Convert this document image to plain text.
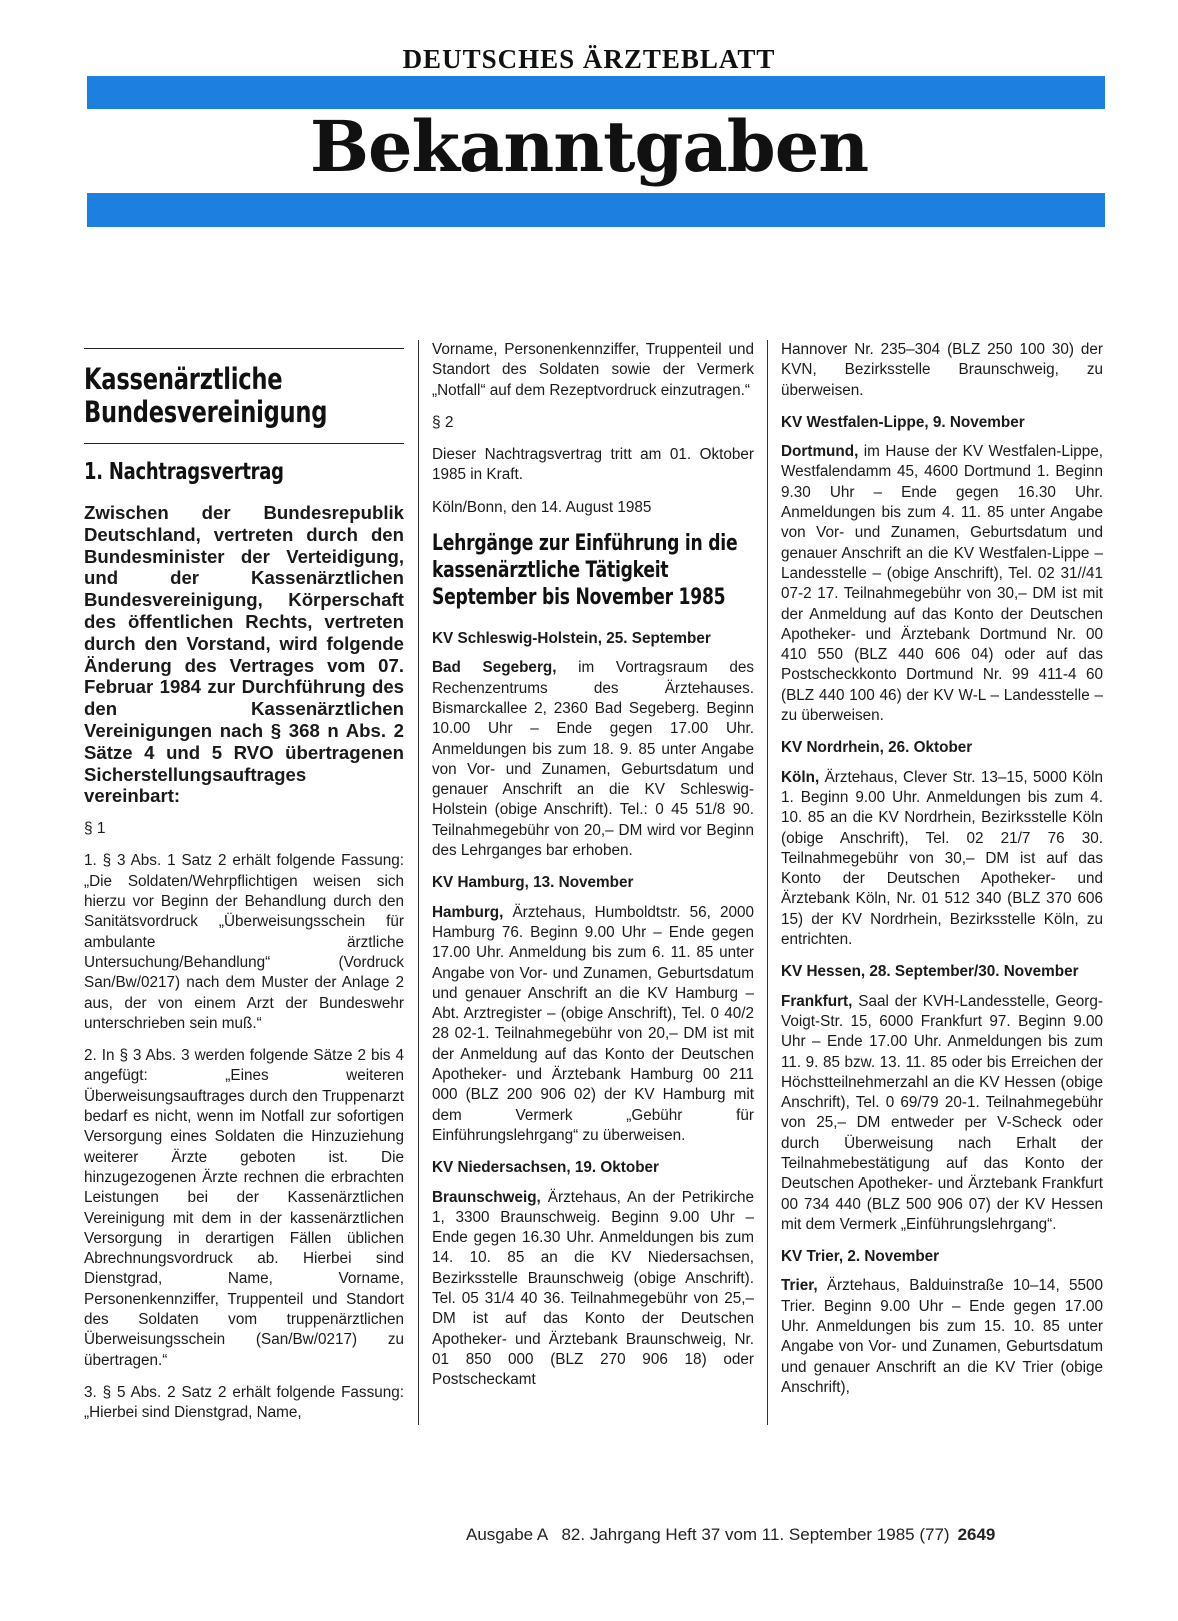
DEUTSCHES ÄRZTEBLATT
Bekanntgaben
Kassenärztliche Bundesvereinigung
1. Nachtragsvertrag

Zwischen der Bundesrepublik Deutschland, vertreten durch den Bundesminister der Verteidigung, und der Kassenärztlichen Bundesvereinigung, Körperschaft des öffentlichen Rechts, vertreten durch den Vorstand, wird folgende Änderung des Vertrages vom 07. Februar 1984 zur Durchführung des den Kassenärztlichen Vereinigungen nach § 368 n Abs. 2 Sätze 4 und 5 RVO übertragenen Sicherstellungsauftrages vereinbart:

§ 1

1. § 3 Abs. 1 Satz 2 erhält folgende Fassung: „Die Soldaten/Wehrpflichtigen weisen sich hierzu vor Beginn der Behandlung durch den Sanitätsvordruck „Überweisungsschein für ambulante ärztliche Untersuchung/Behandlung“ (Vordruck San/Bw/0217) nach dem Muster der Anlage 2 aus, der von einem Arzt der Bundeswehr unterschrieben sein muß.“

2. In § 3 Abs. 3 werden folgende Sätze 2 bis 4 angefügt: „Eines weiteren Überweisungsauftrages durch den Truppenarzt bedarf es nicht, wenn im Notfall zur sofortigen Versorgung eines Soldaten die Hinzuziehung weiterer Ärzte geboten ist. Die hinzugezogenen Ärzte rechnen die erbrachten Leistungen bei der Kassenärztlichen Vereinigung mit dem in der kassenärztlichen Versorgung in derartigen Fällen üblichen Abrechnungsvordruck ab. Hierbei sind Dienstgrad, Name, Vorname, Personenkennziffer, Truppenteil und Standort des Soldaten vom truppenärztlichen Überweisungsschein (San/Bw/0217) zu übertragen.“

3. § 5 Abs. 2 Satz 2 erhält folgende Fassung: „Hierbei sind Dienstgrad, Name,

Vorname, Personenkennziffer, Truppenteil und Standort des Soldaten sowie der Vermerk „Notfall“ auf dem Rezeptvordruck einzutragen.“

§ 2

Dieser Nachtragsvertrag tritt am 01. Oktober 1985 in Kraft.

Köln/Bonn, den 14. August 1985

Lehrgänge zur Einführung in die kassenärztliche Tätigkeit September bis November 1985
KV Schleswig-Holstein, 25. September

Bad Segeberg, im Vortragsraum des Rechenzentrums des Ärztehauses. Bismarckallee 2, 2360 Bad Segeberg. Beginn 10.00 Uhr – Ende gegen 17.00 Uhr. Anmeldungen bis zum 18. 9. 85 unter Angabe von Vor- und Zunamen, Geburtsdatum und genauer Anschrift an die KV Schleswig-Holstein (obige Anschrift). Tel.: 0 45 51/8 90. Teilnahmegebühr von 20,– DM wird vor Beginn des Lehrganges bar erhoben.

KV Hamburg, 13. November

Hamburg, Ärztehaus, Humboldtstr. 56, 2000 Hamburg 76. Beginn 9.00 Uhr – Ende gegen 17.00 Uhr. Anmeldung bis zum 6. 11. 85 unter Angabe von Vor- und Zunamen, Geburtsdatum und genauer Anschrift an die KV Hamburg – Abt. Arztregister – (obige Anschrift), Tel. 0 40/2 28 02-1. Teilnahmegebühr von 20,– DM ist mit der Anmeldung auf das Konto der Deutschen Apotheker- und Ärztebank Hamburg 00 211 000 (BLZ 200 906 02) der KV Hamburg mit dem Vermerk „Gebühr für Einführungslehrgang“ zu überweisen.

KV Niedersachsen, 19. Oktober

Braunschweig, Ärztehaus, An der Petrikirche 1, 3300 Braunschweig. Beginn 9.00 Uhr – Ende gegen 16.30 Uhr. Anmeldungen bis zum 14. 10. 85 an die KV Niedersachsen, Bezirksstelle Braunschweig (obige Anschrift). Tel. 05 31/4 40 36. Teilnahmegebühr von 25,– DM ist auf das Konto der Deutschen Apotheker- und Ärztebank Braunschweig, Nr. 01 850 000 (BLZ 270 906 18) oder Postscheckamt

Hannover Nr. 235–304 (BLZ 250 100 30) der KVN, Bezirksstelle Braunschweig, zu überweisen.

KV Westfalen-Lippe, 9. November

Dortmund, im Hause der KV Westfalen-Lippe, Westfalendamm 45, 4600 Dortmund 1. Beginn 9.30 Uhr – Ende gegen 16.30 Uhr. Anmeldungen bis zum 4. 11. 85 unter Angabe von Vor- und Zunamen, Geburtsdatum und genauer Anschrift an die KV Westfalen-Lippe – Landesstelle – (obige Anschrift), Tel. 02 31//41 07-2 17. Teilnahmegebühr von 30,– DM ist mit der Anmeldung auf das Konto der Deutschen Apotheker- und Ärztebank Dortmund Nr. 00 410 550 (BLZ 440 606 04) oder auf das Postscheckkonto Dortmund Nr. 99 411-4 60 (BLZ 440 100 46) der KV W-L – Landesstelle – zu überweisen.

KV Nordrhein, 26. Oktober

Köln, Ärztehaus, Clever Str. 13–15, 5000 Köln 1. Beginn 9.00 Uhr. Anmeldungen bis zum 4. 10. 85 an die KV Nordrhein, Bezirksstelle Köln (obige Anschrift), Tel. 02 21/7 76 30. Teilnahmegebühr von 30,– DM ist auf das Konto der Deutschen Apotheker- und Ärztebank Köln, Nr. 01 512 340 (BLZ 370 606 15) der KV Nordrhein, Bezirksstelle Köln, zu entrichten.

KV Hessen, 28. September/30. November

Frankfurt, Saal der KVH-Landesstelle, Georg-Voigt-Str. 15, 6000 Frankfurt 97. Beginn 9.00 Uhr – Ende 17.00 Uhr. Anmeldungen bis zum 11. 9. 85 bzw. 13. 11. 85 oder bis Erreichen der Höchstteilnehmerzahl an die KV Hessen (obige Anschrift), Tel. 0 69/79 20-1. Teilnahmegebühr von 25,– DM entweder per V-Scheck oder durch Überweisung nach Erhalt der Teilnahmebestätigung auf das Konto der Deutschen Apotheker- und Ärztebank Frankfurt 00 734 440 (BLZ 500 906 07) der KV Hessen mit dem Vermerk „Einführungslehrgang“.

KV Trier, 2. November

Trier, Ärztehaus, Balduinstraße 10–14, 5500 Trier. Beginn 9.00 Uhr – Ende gegen 17.00 Uhr. Anmeldungen bis zum 15. 10. 85 unter Angabe von Vor- und Zunamen, Geburtsdatum und genauer Anschrift an die KV Trier (obige Anschrift),

Ausgabe A   82. Jahrgang Heft 37 vom 11. September 1985 (77) 2649
